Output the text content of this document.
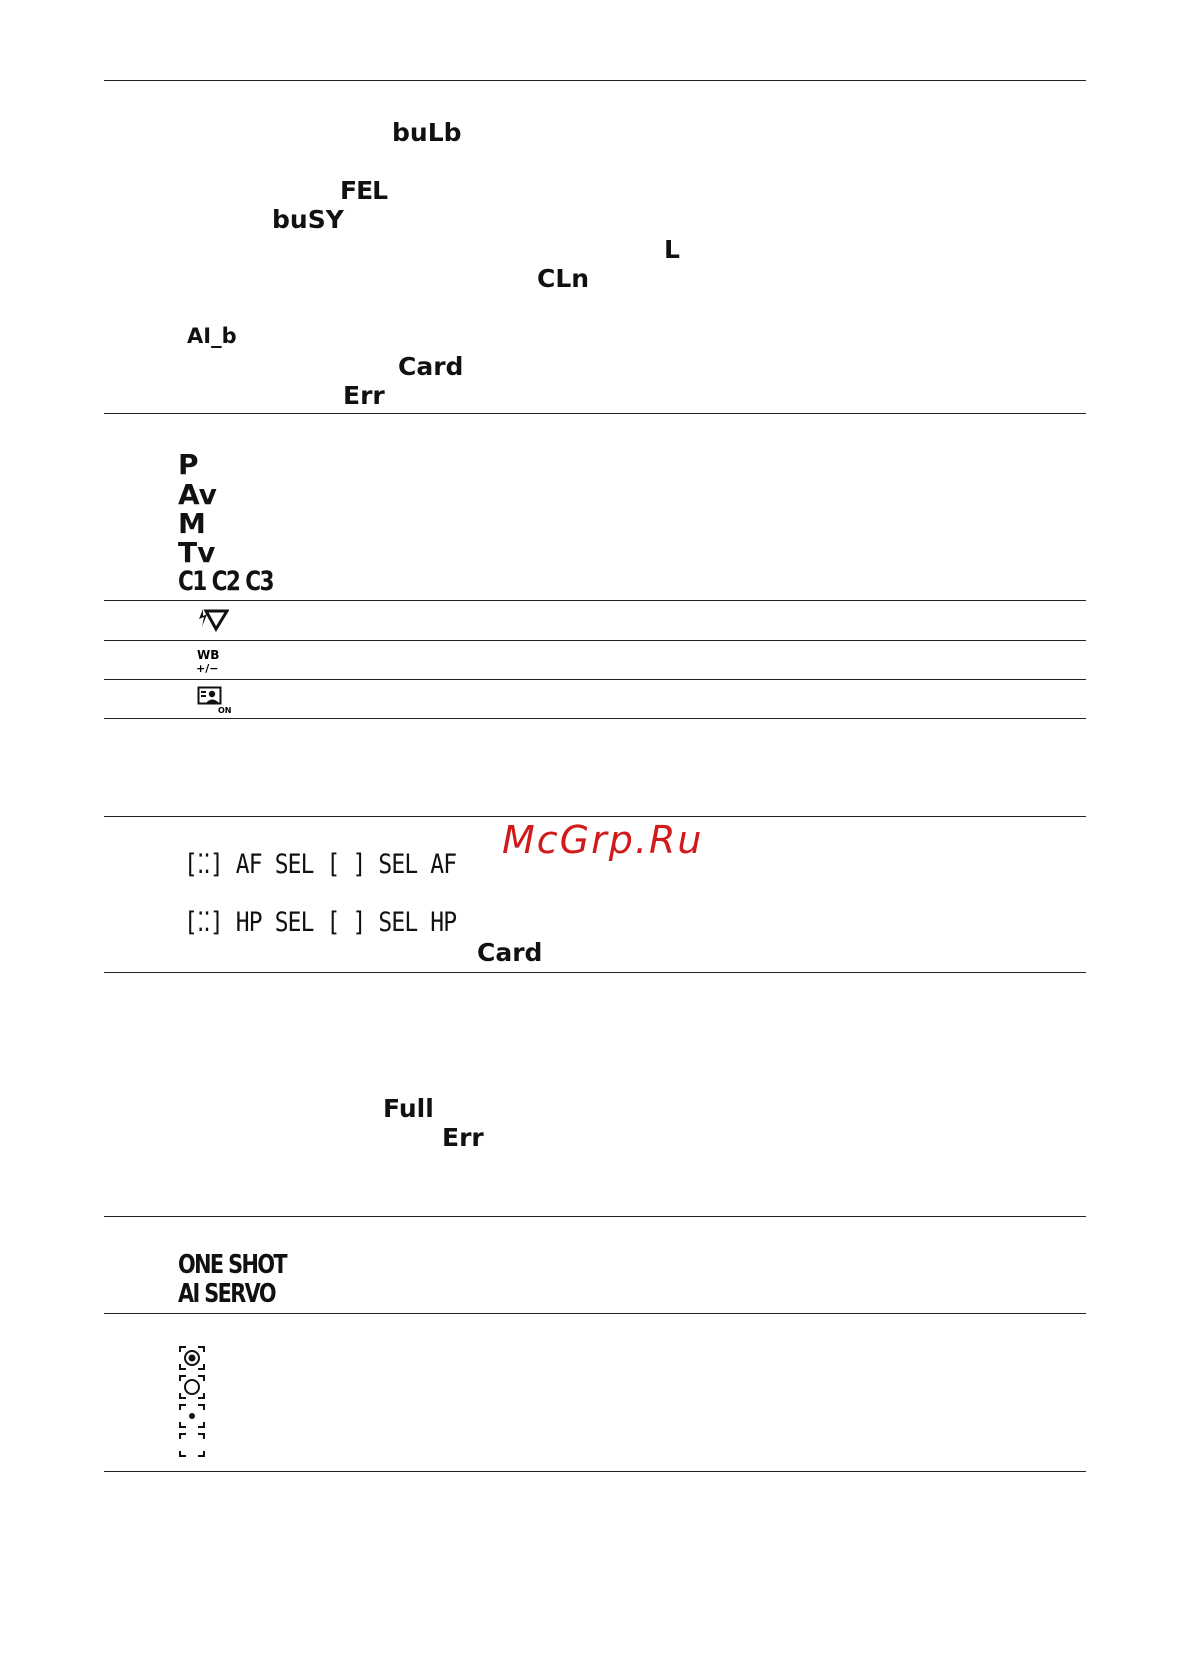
buLb
FEL
buSY
L
CLn
AI_b
Card
Err
P
Av
M
Tv
C1 C2 C3
WB
+/−
ON
[⁚⁚] AF SEL [ ] SEL AF
McGrp.Ru
[⁚⁚] HP SEL [ ] SEL HP
Card
Full
Err
ONE SHOT
AI SERVO
